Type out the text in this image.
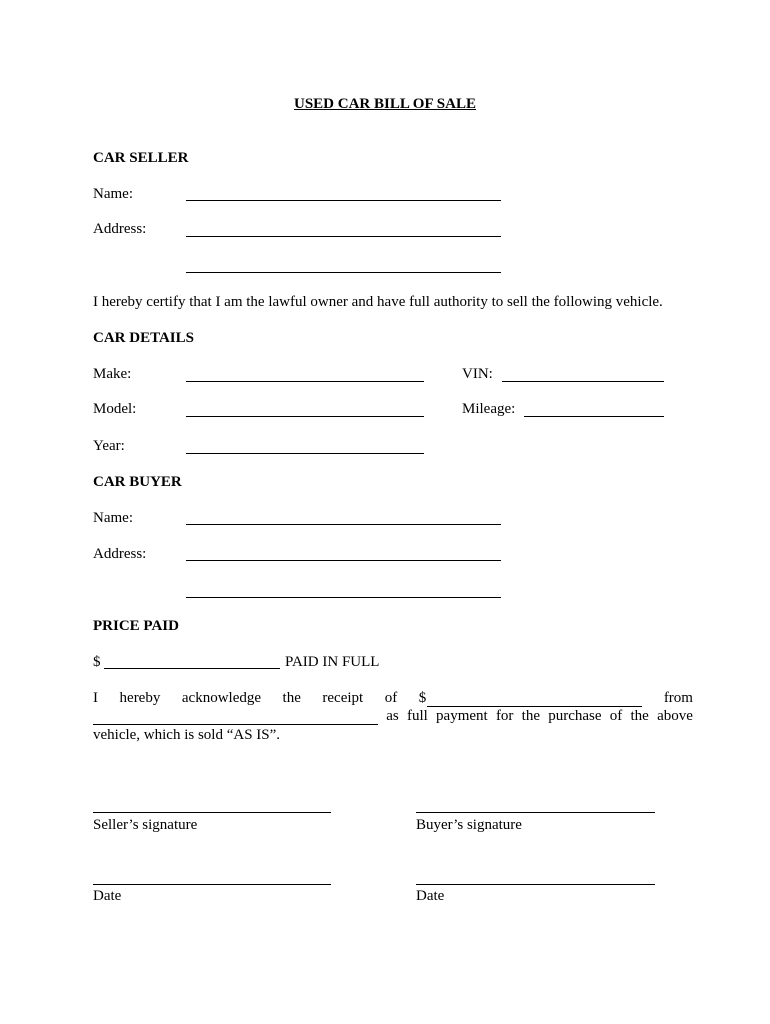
USED CAR BILL OF SALE
CAR SELLER
Name:
Address:
I hereby certify that I am the lawful owner and have full authority to sell the following vehicle.
CAR DETAILS
Make:	VIN:
Model:	Mileage:
Year:
CAR BUYER
Name:
Address:
PRICE PAID
$	PAID IN FULL
I hereby acknowledge the receipt of $	from
as full payment for the purchase of the above
vehicle, which is sold “AS IS”.
Seller’s signature	Buyer’s signature
Date	Date
